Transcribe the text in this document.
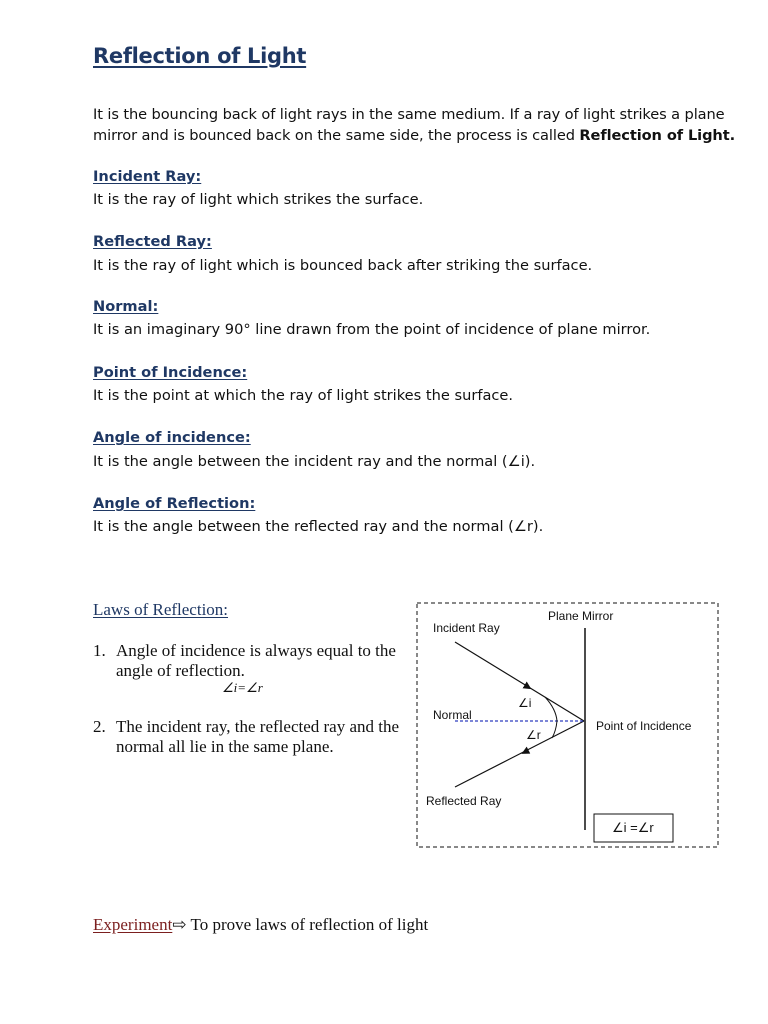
Reflection of Light
It is the bouncing back of light rays in the same medium. If a ray of light strikes a plane mirror and is bounced back on the same side, the process is called Reflection of Light.
Incident Ray:
It is the ray of light which strikes the surface.
Reflected Ray:
It is the ray of light which is bounced back after striking the surface.
Normal:
It is an imaginary 90° line drawn from the point of incidence of plane mirror.
Point of Incidence:
It is the point at which the ray of light strikes the surface.
Angle of incidence:
It is the angle between the incident ray and the normal (∠i).
Angle of Reflection:
It is the angle between the reflected ray and the normal (∠r).
Laws of Reflection:
1. Angle of incidence is always equal to the angle of reflection.
∠i=∠r
2. The incident ray, the reflected ray and the normal all lie in the same plane.
Plane Mirror
Incident Ray
Normal
Point of Incidence
Reflected Ray
∠i
∠r
∠i =∠r
Experiment⇨ To prove laws of reflection of light
